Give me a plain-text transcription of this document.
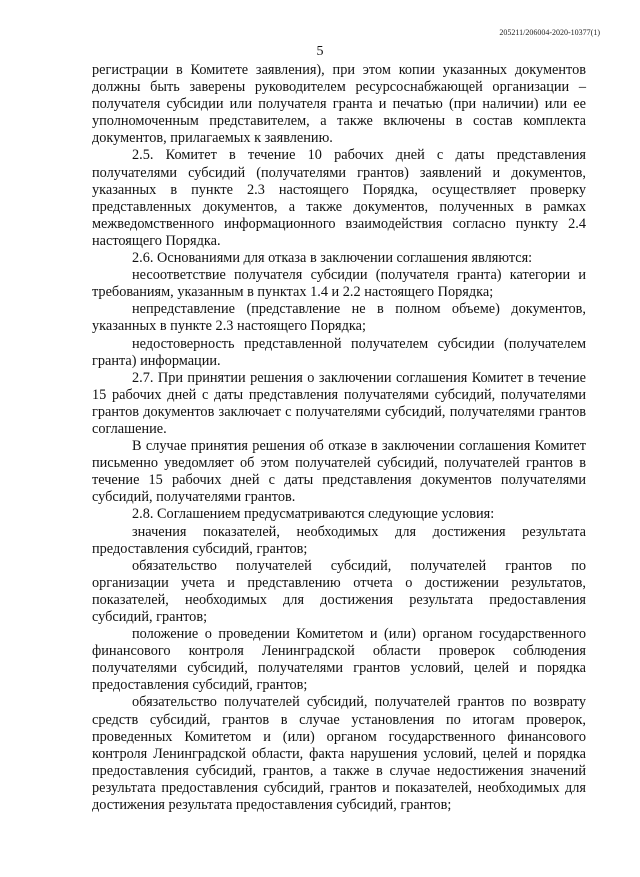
205211/206004-2020-10377(1)
5

регистрации в Комитете заявления), при этом копии указанных документов должны быть заверены руководителем ресурсоснабжающей организации – получателя субсидии или получателя гранта и печатью (при наличии) или ее уполномоченным представителем, а также включены в состав комплекта документов, прилагаемых к заявлению.

2.5. Комитет в течение 10 рабочих дней с даты представления получателями субсидий (получателями грантов) заявлений и документов, указанных в пункте 2.3 настоящего Порядка, осуществляет проверку представленных документов, а также документов, полученных в рамках межведомственного информационного взаимодействия согласно пункту 2.4 настоящего Порядка.

2.6. Основаниями для отказа в заключении соглашения являются:

несоответствие получателя субсидии (получателя гранта) категории и требованиям, указанным в пунктах 1.4 и 2.2 настоящего Порядка;

непредставление (представление не в полном объеме) документов, указанных в пункте 2.3 настоящего Порядка;

недостоверность представленной получателем субсидии (получателем гранта) информации.

2.7. При принятии решения о заключении соглашения Комитет в течение 15 рабочих дней с даты представления получателями субсидий, получателями грантов документов заключает с получателями субсидий, получателями грантов соглашение.

В случае принятия решения об отказе в заключении соглашения Комитет письменно уведомляет об этом получателей субсидий, получателей грантов в течение 15 рабочих дней с даты представления документов получателями субсидий, получателями грантов.

2.8. Соглашением предусматриваются следующие условия:

значения показателей, необходимых для достижения результата предоставления субсидий, грантов;

обязательство получателей субсидий, получателей грантов по организации учета и представлению отчета о достижении результатов, показателей, необходимых для достижения результата предоставления субсидий, грантов;

положение о проведении Комитетом и (или) органом государственного финансового контроля Ленинградской области проверок соблюдения получателями субсидий, получателями грантов условий, целей и порядка предоставления субсидий, грантов;

обязательство получателей субсидий, получателей грантов по возврату средств субсидий, грантов в случае установления по итогам проверок, проведенных Комитетом и (или) органом государственного финансового контроля Ленинградской области, факта нарушения условий, целей и порядка предоставления субсидий, грантов, а также в случае недостижения значений результата предоставления субсидий, грантов и показателей, необходимых для достижения результата предоставления субсидий, грантов;
